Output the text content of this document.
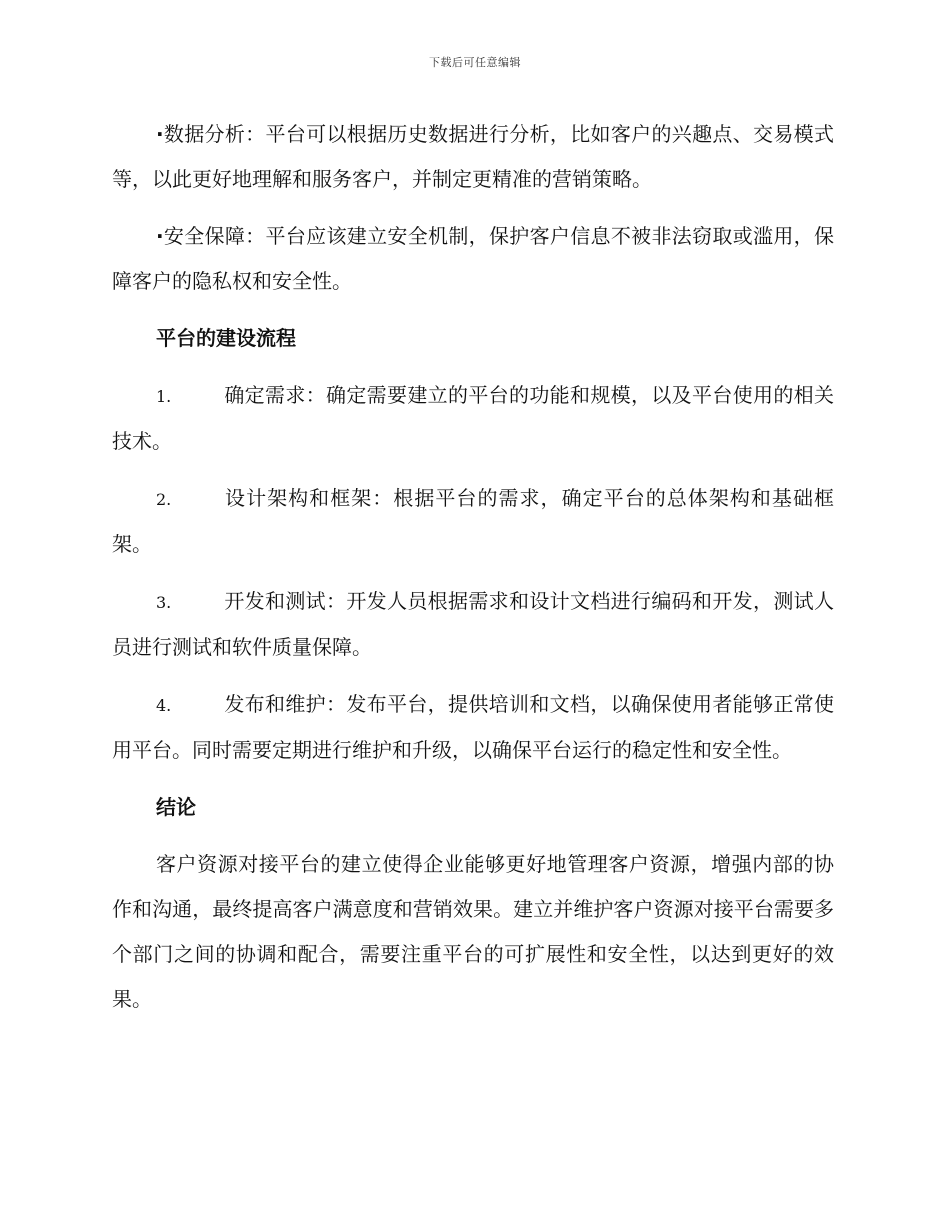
下载后可任意编辑

·数据分析：平台可以根据历史数据进行分析，比如客户的兴趣点、交易模式等，以此更好地理解和服务客户，并制定更精准的营销策略。

·安全保障：平台应该建立安全机制，保护客户信息不被非法窃取或滥用，保障客户的隐私权和安全性。

平台的建设流程

1.	确定需求：确定需要建立的平台的功能和规模，以及平台使用的相关技术。

2.	设计架构和框架：根据平台的需求，确定平台的总体架构和基础框架。

3.	开发和测试：开发人员根据需求和设计文档进行编码和开发，测试人员进行测试和软件质量保障。

4.	发布和维护：发布平台，提供培训和文档，以确保使用者能够正常使用平台。同时需要定期进行维护和升级，以确保平台运行的稳定性和安全性。

结论

客户资源对接平台的建立使得企业能够更好地管理客户资源，增强内部的协作和沟通，最终提高客户满意度和营销效果。建立并维护客户资源对接平台需要多个部门之间的协调和配合，需要注重平台的可扩展性和安全性，以达到更好的效果。
